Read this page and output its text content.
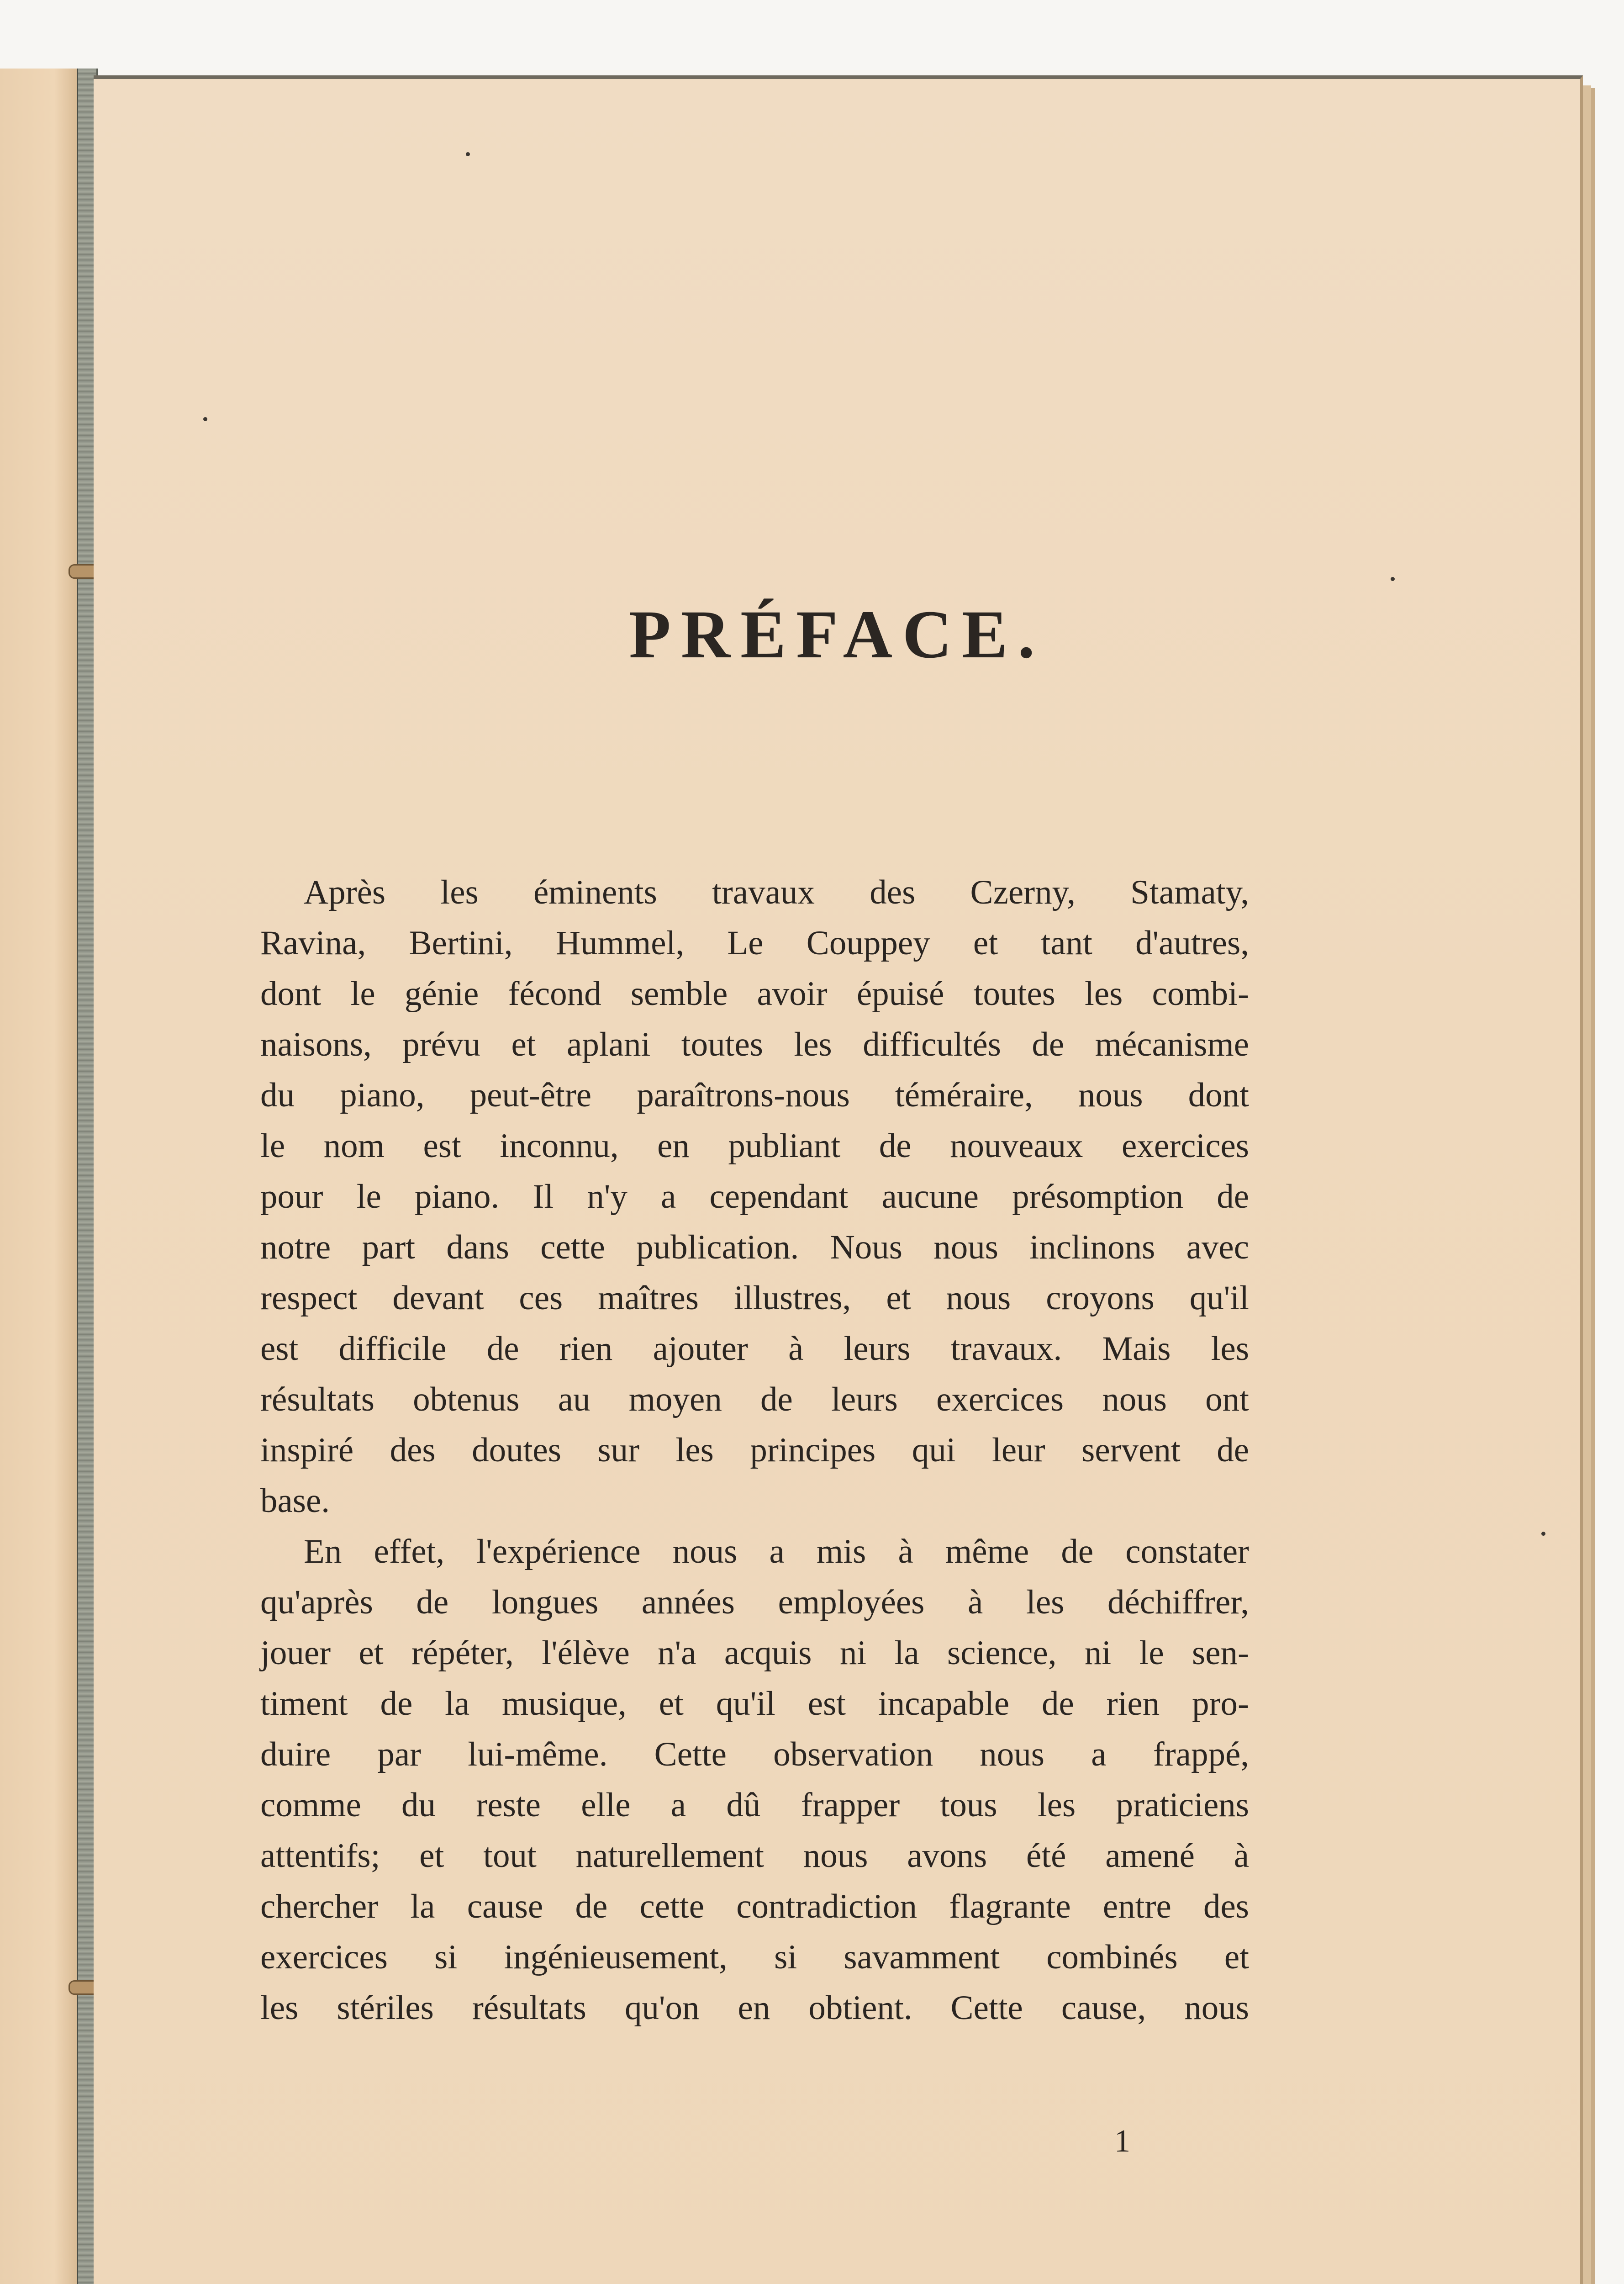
PRÉFACE.

Après les éminents travaux des Czerny, Stamaty,
Ravina, Bertini, Hummel, Le Couppey et tant d'autres,
dont le génie fécond semble avoir épuisé toutes les combi-
naisons, prévu et aplani toutes les difficultés de mécanisme
du piano, peut-être paraîtrons-nous téméraire, nous dont
le nom est inconnu, en publiant de nouveaux exercices
pour le piano. Il n'y a cependant aucune présomption de
notre part dans cette publication. Nous nous inclinons avec
respect devant ces maîtres illustres, et nous croyons qu'il
est difficile de rien ajouter à leurs travaux. Mais les
résultats obtenus au moyen de leurs exercices nous ont
inspiré des doutes sur les principes qui leur servent de
base.

En effet, l'expérience nous a mis à même de constater
qu'après de longues années employées à les déchiffrer,
jouer et répéter, l'élève n'a acquis ni la science, ni le sen-
timent de la musique, et qu'il est incapable de rien pro-
duire par lui-même. Cette observation nous a frappé,
comme du reste elle a dû frapper tous les praticiens
attentifs; et tout naturellement nous avons été amené à
chercher la cause de cette contradiction flagrante entre des
exercices si ingénieusement, si savamment combinés et
les stériles résultats qu'on en obtient. Cette cause, nous

1
